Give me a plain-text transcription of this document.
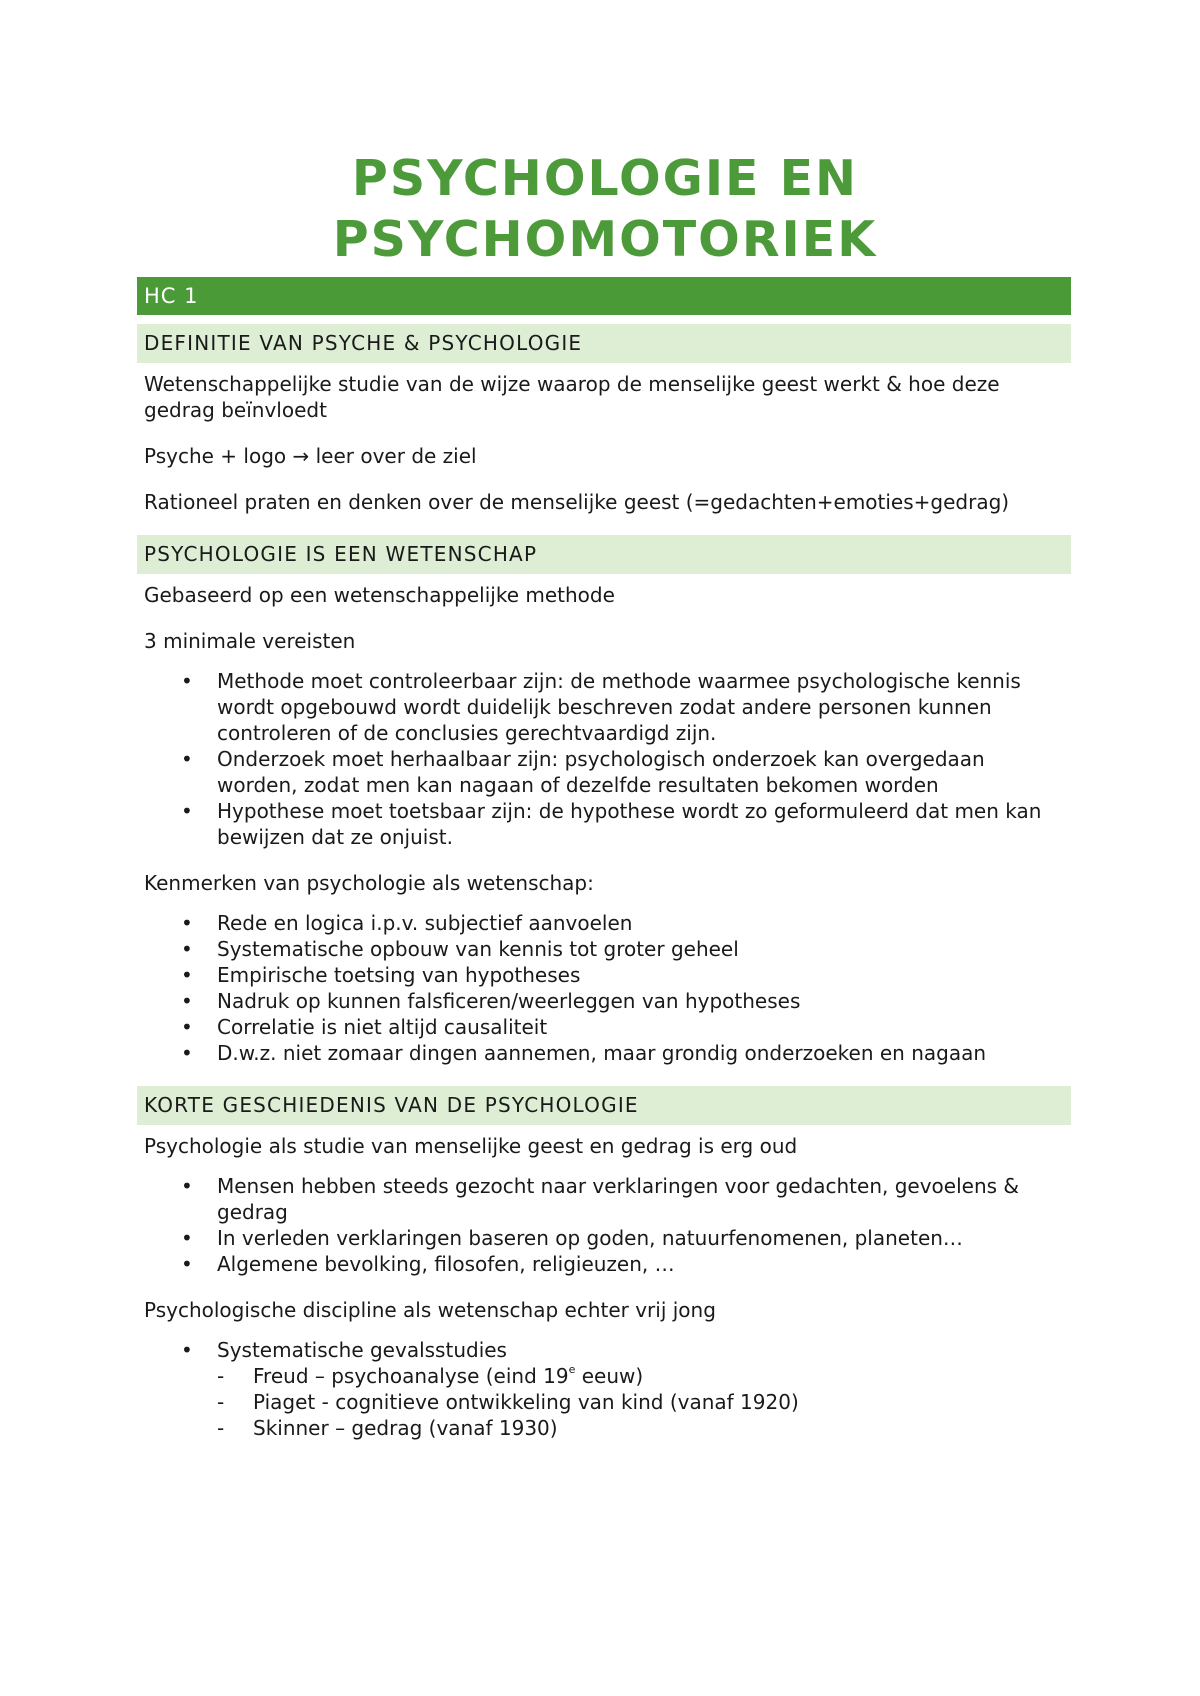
PSYCHOLOGIE EN
PSYCHOMOTORIEK
HC 1
DEFINITIE VAN PSYCHE & PSYCHOLOGIE

Wetenschappelijke studie van de wijze waarop de menselijke geest werkt & hoe deze gedrag beïnvloedt

Psyche + logo → leer over de ziel

Rationeel praten en denken over de menselijke geest (=gedachten+emoties+gedrag)

PSYCHOLOGIE IS EEN WETENSCHAP

Gebaseerd op een wetenschappelijke methode

3 minimale vereisten

• Methode moet controleerbaar zijn: de methode waarmee psychologische kennis wordt opgebouwd wordt duidelijk beschreven zodat andere personen kunnen controleren of de conclusies gerechtvaardigd zijn.
• Onderzoek moet herhaalbaar zijn: psychologisch onderzoek kan overgedaan worden, zodat men kan nagaan of dezelfde resultaten bekomen worden
• Hypothese moet toetsbaar zijn: de hypothese wordt zo geformuleerd dat men kan bewijzen dat ze onjuist.

Kenmerken van psychologie als wetenschap:

• Rede en logica i.p.v. subjectief aanvoelen
• Systematische opbouw van kennis tot groter geheel
• Empirische toetsing van hypotheses
• Nadruk op kunnen falsficeren/weerleggen van hypotheses
• Correlatie is niet altijd causaliteit
• D.w.z. niet zomaar dingen aannemen, maar grondig onderzoeken en nagaan
KORTE GESCHIEDENIS VAN DE PSYCHOLOGIE

Psychologie als studie van menselijke geest en gedrag is erg oud

• Mensen hebben steeds gezocht naar verklaringen voor gedachten, gevoelens & gedrag
• In verleden verklaringen baseren op goden, natuurfenomenen, planeten…
• Algemene bevolking, filosofen, religieuzen, …

Psychologische discipline als wetenschap echter vrij jong

• Systematische gevalsstudies
- Freud – psychoanalyse (eind 19e eeuw)
- Piaget - cognitieve ontwikkeling van kind (vanaf 1920)
- Skinner – gedrag (vanaf 1930)
